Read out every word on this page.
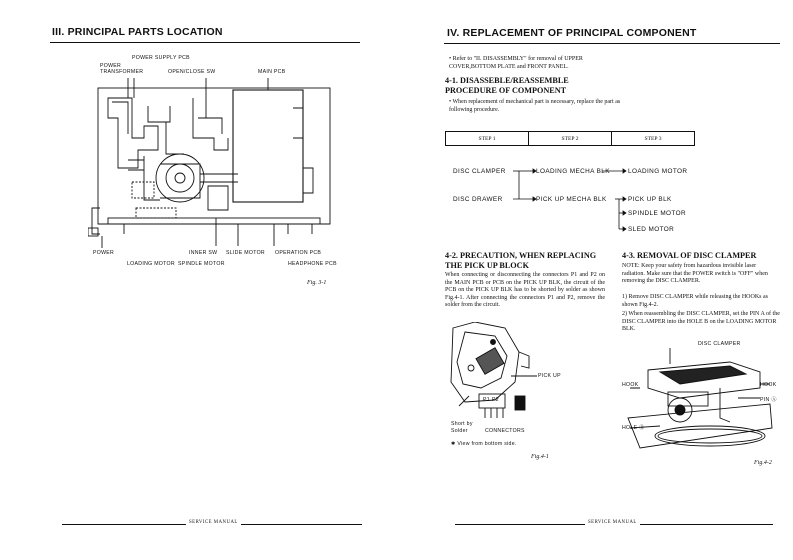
III. PRINCIPAL PARTS LOCATION
POWER SUPPLY PCB
POWER
TRANSFORMER	OPEN/CLOSE SW	MAIN PCB
POWER	INNER SW SLIDE MOTOR OPERATION PCB
LOADING MOTOR SPINDLE MOTOR	HEADPHONE PCB
Fig. 3-1
SERVICE MANUAL
IV. REPLACEMENT OF PRINCIPAL COMPONENT
• Refer to "II. DISASSEMBLY" for removal of UPPER COVER,BOTTOM PLATE and FRONT PANEL.
4-1. DISASSEBLE/REASSEMBLE PROCEDURE OF COMPONENT
• When replacement of mechanical part is necessary, replace the part as following procedure.
STEP 1	STEP 2	STEP 3
DISC CLAMPER	LOADING MECHA BLK	LOADING MOTOR
DISC DRAWER	PICK UP MECHA BLK	PICK UP BLK
SPINDLE MOTOR
SLED MOTOR
4-2. PRECAUTION, WHEN REPLACING THE PICK UP BLOCK
When connecting or disconnecting the connectors P1 and P2 on the MAIN PCB or PCB on the PICK UP BLK, the circuit of the PCB on the PICK UP BLK has to be shorted by solder as shown Fig.4-1. After connecting the connectors P1 and P2, remove the solder from the circuit.
PICK UP
P1 P2
Short by
Solder	CONNECTORS
✱ View from bottom side.
Fig.4-1
4-3. REMOVAL OF DISC CLAMPER
NOTE: Keep your safety from hazardous invisible laser radiation. Make sure that the POWER switch is "OFF" when removing the DISC CLAMPER.
1) Remove DISC CLAMPER while releasing the HOOKs as shown Fig.4-2.
2) When reassembling the DISC CLAMPER, set the PIN A of the DISC CLAMPER into the HOLE B on the LOADING MOTOR BLK.
DISC CLAMPER
HOOK	HOOK
PIN Ⓐ
HOLE Ⓑ
Fig.4-2
SERVICE MANUAL
